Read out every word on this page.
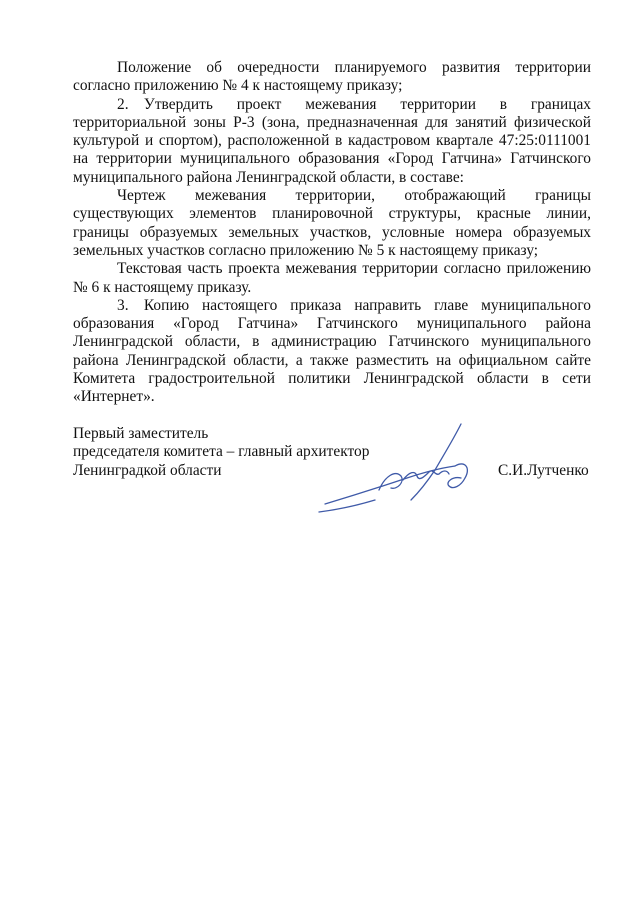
Положение об очередности планируемого развития территории согласно приложению № 4 к настоящему приказу;

2. Утвердить проект межевания территории в границах территориальной зоны Р-3 (зона, предназначенная для занятий физической культурой и спортом), расположенной в кадастровом квартале 47:25:0111001 на территории муниципального образования «Город Гатчина» Гатчинского муниципального района Ленинградской области, в составе:

Чертеж межевания территории, отображающий границы существующих элементов планировочной структуры, красные линии, границы образуемых земельных участков, условные номера образуемых земельных участков согласно приложению № 5 к настоящему приказу;

Текстовая часть проекта межевания территории согласно приложению № 6 к настоящему приказу.

3. Копию настоящего приказа направить главе муниципального образования «Город Гатчина» Гатчинского муниципального района Ленинградской области, в администрацию Гатчинского муниципального района Ленинградской области, а также разместить на официальном сайте Комитета градостроительной политики Ленинградской области в сети «Интернет».

Первый заместитель
председателя комитета – главный архитектор
Ленинградкой области	С.И.Лутченко
